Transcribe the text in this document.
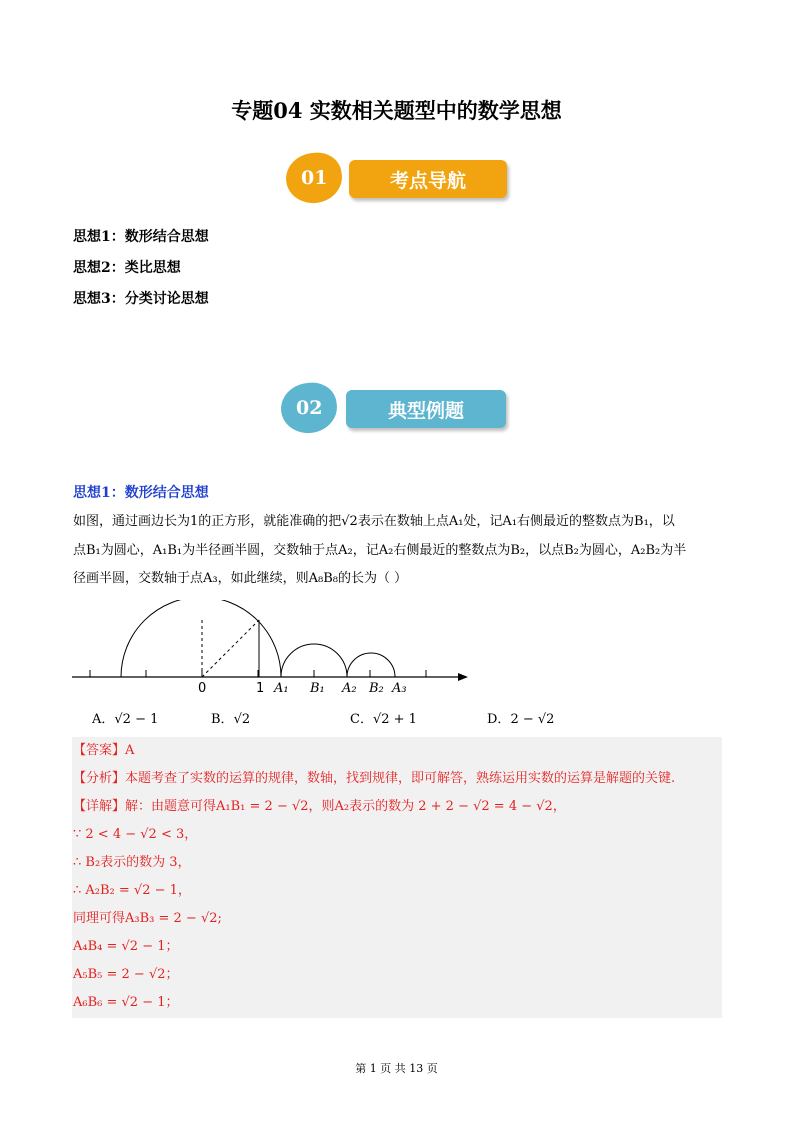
专题04 实数相关题型中的数学思想
01	考点导航
思想1：数形结合思想
思想2：类比思想
思想3：分类讨论思想
02	典型例题
思想1：数形结合思想
如图，通过画边长为1的正方形，就能准确的把√2表示在数轴上点A₁处，记A₁右侧最近的整数点为B₁，以
点B₁为圆心，A₁B₁为半径画半圆，交数轴于点A₂，记A₂右侧最近的整数点为B₂，以点B₂为圆心，A₂B₂为半
径画半圆，交数轴于点A₃，如此继续，则A₈B₈的长为（ ）
0	1 A₁ B₁ A₂ B₂ A₃
A．√2 − 1	B．√2	C．√2 + 1	D．2 − √2
【答案】A
【分析】本题考查了实数的运算的规律，数轴，找到规律，即可解答，熟练运用实数的运算是解题的关键.
【详解】解：由题意可得A₁B₁ = 2 − √2，则A₂表示的数为 2 + 2 − √2 = 4 − √2，
∵ 2 < 4 − √2 < 3，
∴ B₂表示的数为 3，
∴ A₂B₂ = √2 − 1，
同理可得A₃B₃ = 2 − √2;
A₄B₄ = √2 − 1；
A₅B₅ = 2 − √2；
A₆B₆ = √2 − 1；
第 1 页 共 13 页
